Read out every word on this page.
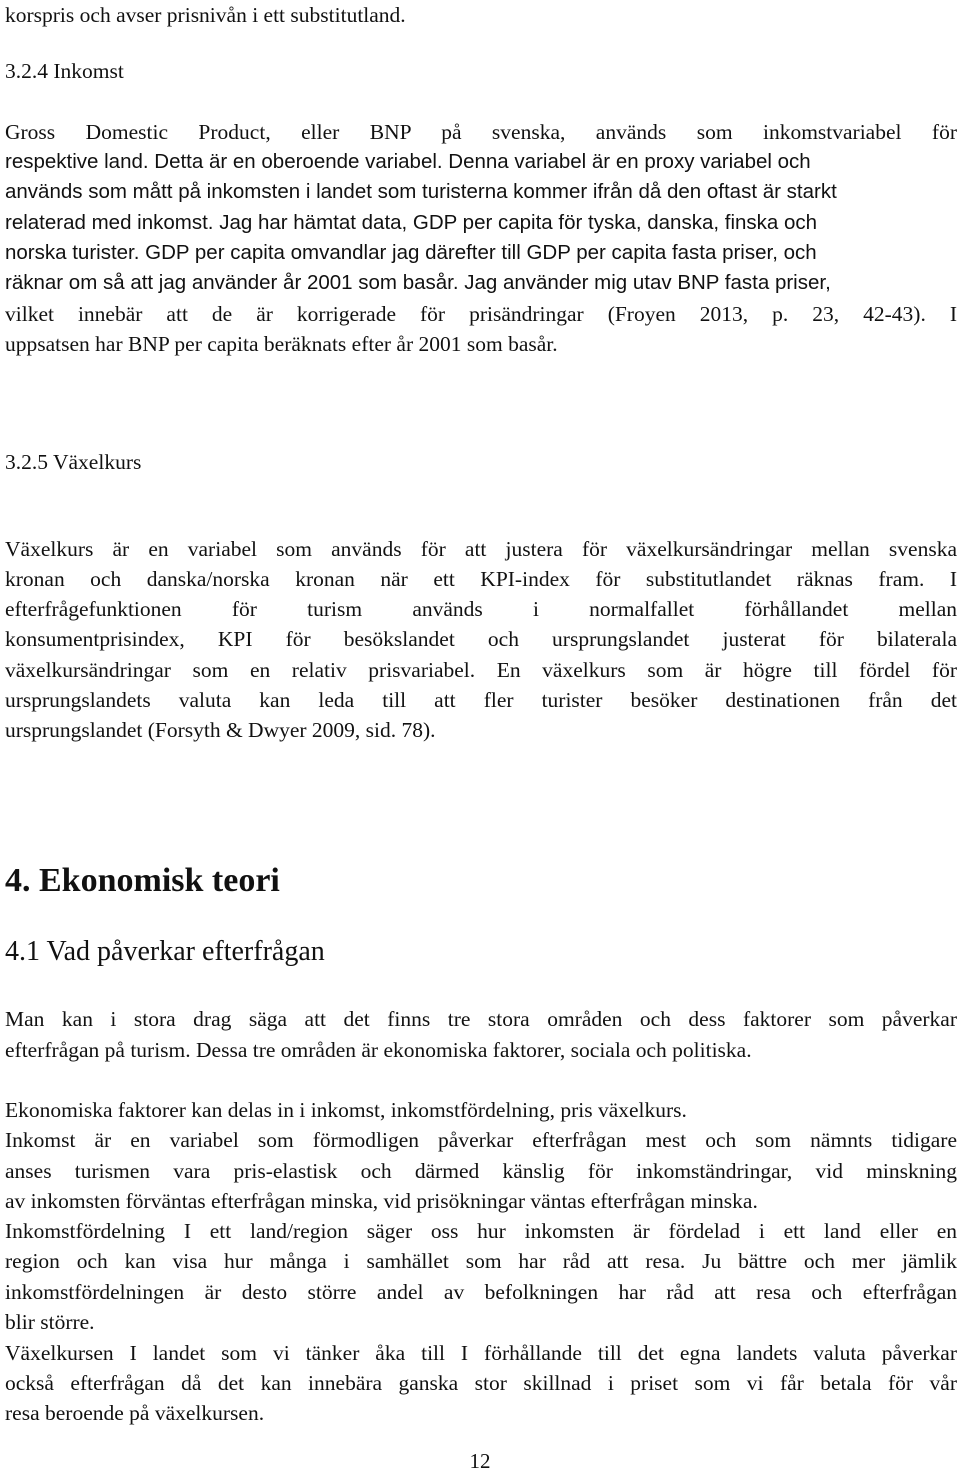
korspris och avser prisnivån i ett substitutland.
3.2.4 Inkomst
Gross Domestic Product, eller BNP på svenska, används som inkomstvariabel för
respektive land. Detta är en oberoende variabel. Denna variabel är en proxy variabel och
används som mått på inkomsten i landet som turisterna kommer ifrån då den oftast är starkt
relaterad med inkomst. Jag har hämtat data, GDP per capita för tyska, danska, finska och
norska turister. GDP per capita omvandlar jag därefter till GDP per capita fasta priser, och
räknar om så att jag använder år 2001 som basår. Jag använder mig utav BNP fasta priser,
vilket innebär att de är korrigerade för prisändringar (Froyen 2013, p. 23, 42-43). I
uppsatsen har BNP per capita beräknats efter år 2001 som basår.
3.2.5 Växelkurs
Växelkurs är en variabel som används för att justera för växelkursändringar mellan svenska
kronan och danska/norska kronan när ett KPI-index för substitutlandet räknas fram. I
efterfrågefunktionen för turism används i normalfallet förhållandet mellan
konsumentprisindex, KPI för besökslandet och ursprungslandet justerat för bilaterala
växelkursändringar som en relativ prisvariabel. En växelkurs som är högre till fördel för
ursprungslandets valuta kan leda till att fler turister besöker destinationen från det
ursprungslandet (Forsyth & Dwyer 2009, sid. 78).
4. Ekonomisk teori
4.1 Vad påverkar efterfrågan
Man kan i stora drag säga att det finns tre stora områden och dess faktorer som påverkar
efterfrågan på turism. Dessa tre områden är ekonomiska faktorer, sociala och politiska.
Ekonomiska faktorer kan delas in i inkomst, inkomstfördelning, pris växelkurs.
Inkomst är en variabel som förmodligen påverkar efterfrågan mest och som nämnts tidigare
anses turismen vara pris-elastisk och därmed känslig för inkomständringar, vid minskning
av inkomsten förväntas efterfrågan minska, vid prisökningar väntas efterfrågan minska.
Inkomstfördelning I ett land/region säger oss hur inkomsten är fördelad i ett land eller en
region och kan visa hur många i samhället som har råd att resa. Ju bättre och mer jämlik
inkomstfördelningen är desto större andel av befolkningen har råd att resa och efterfrågan
blir större.
Växelkursen I landet som vi tänker åka till I förhållande till det egna landets valuta påverkar
också efterfrågan då det kan innebära ganska stor skillnad i priset som vi får betala för vår
resa beroende på växelkursen.
12
